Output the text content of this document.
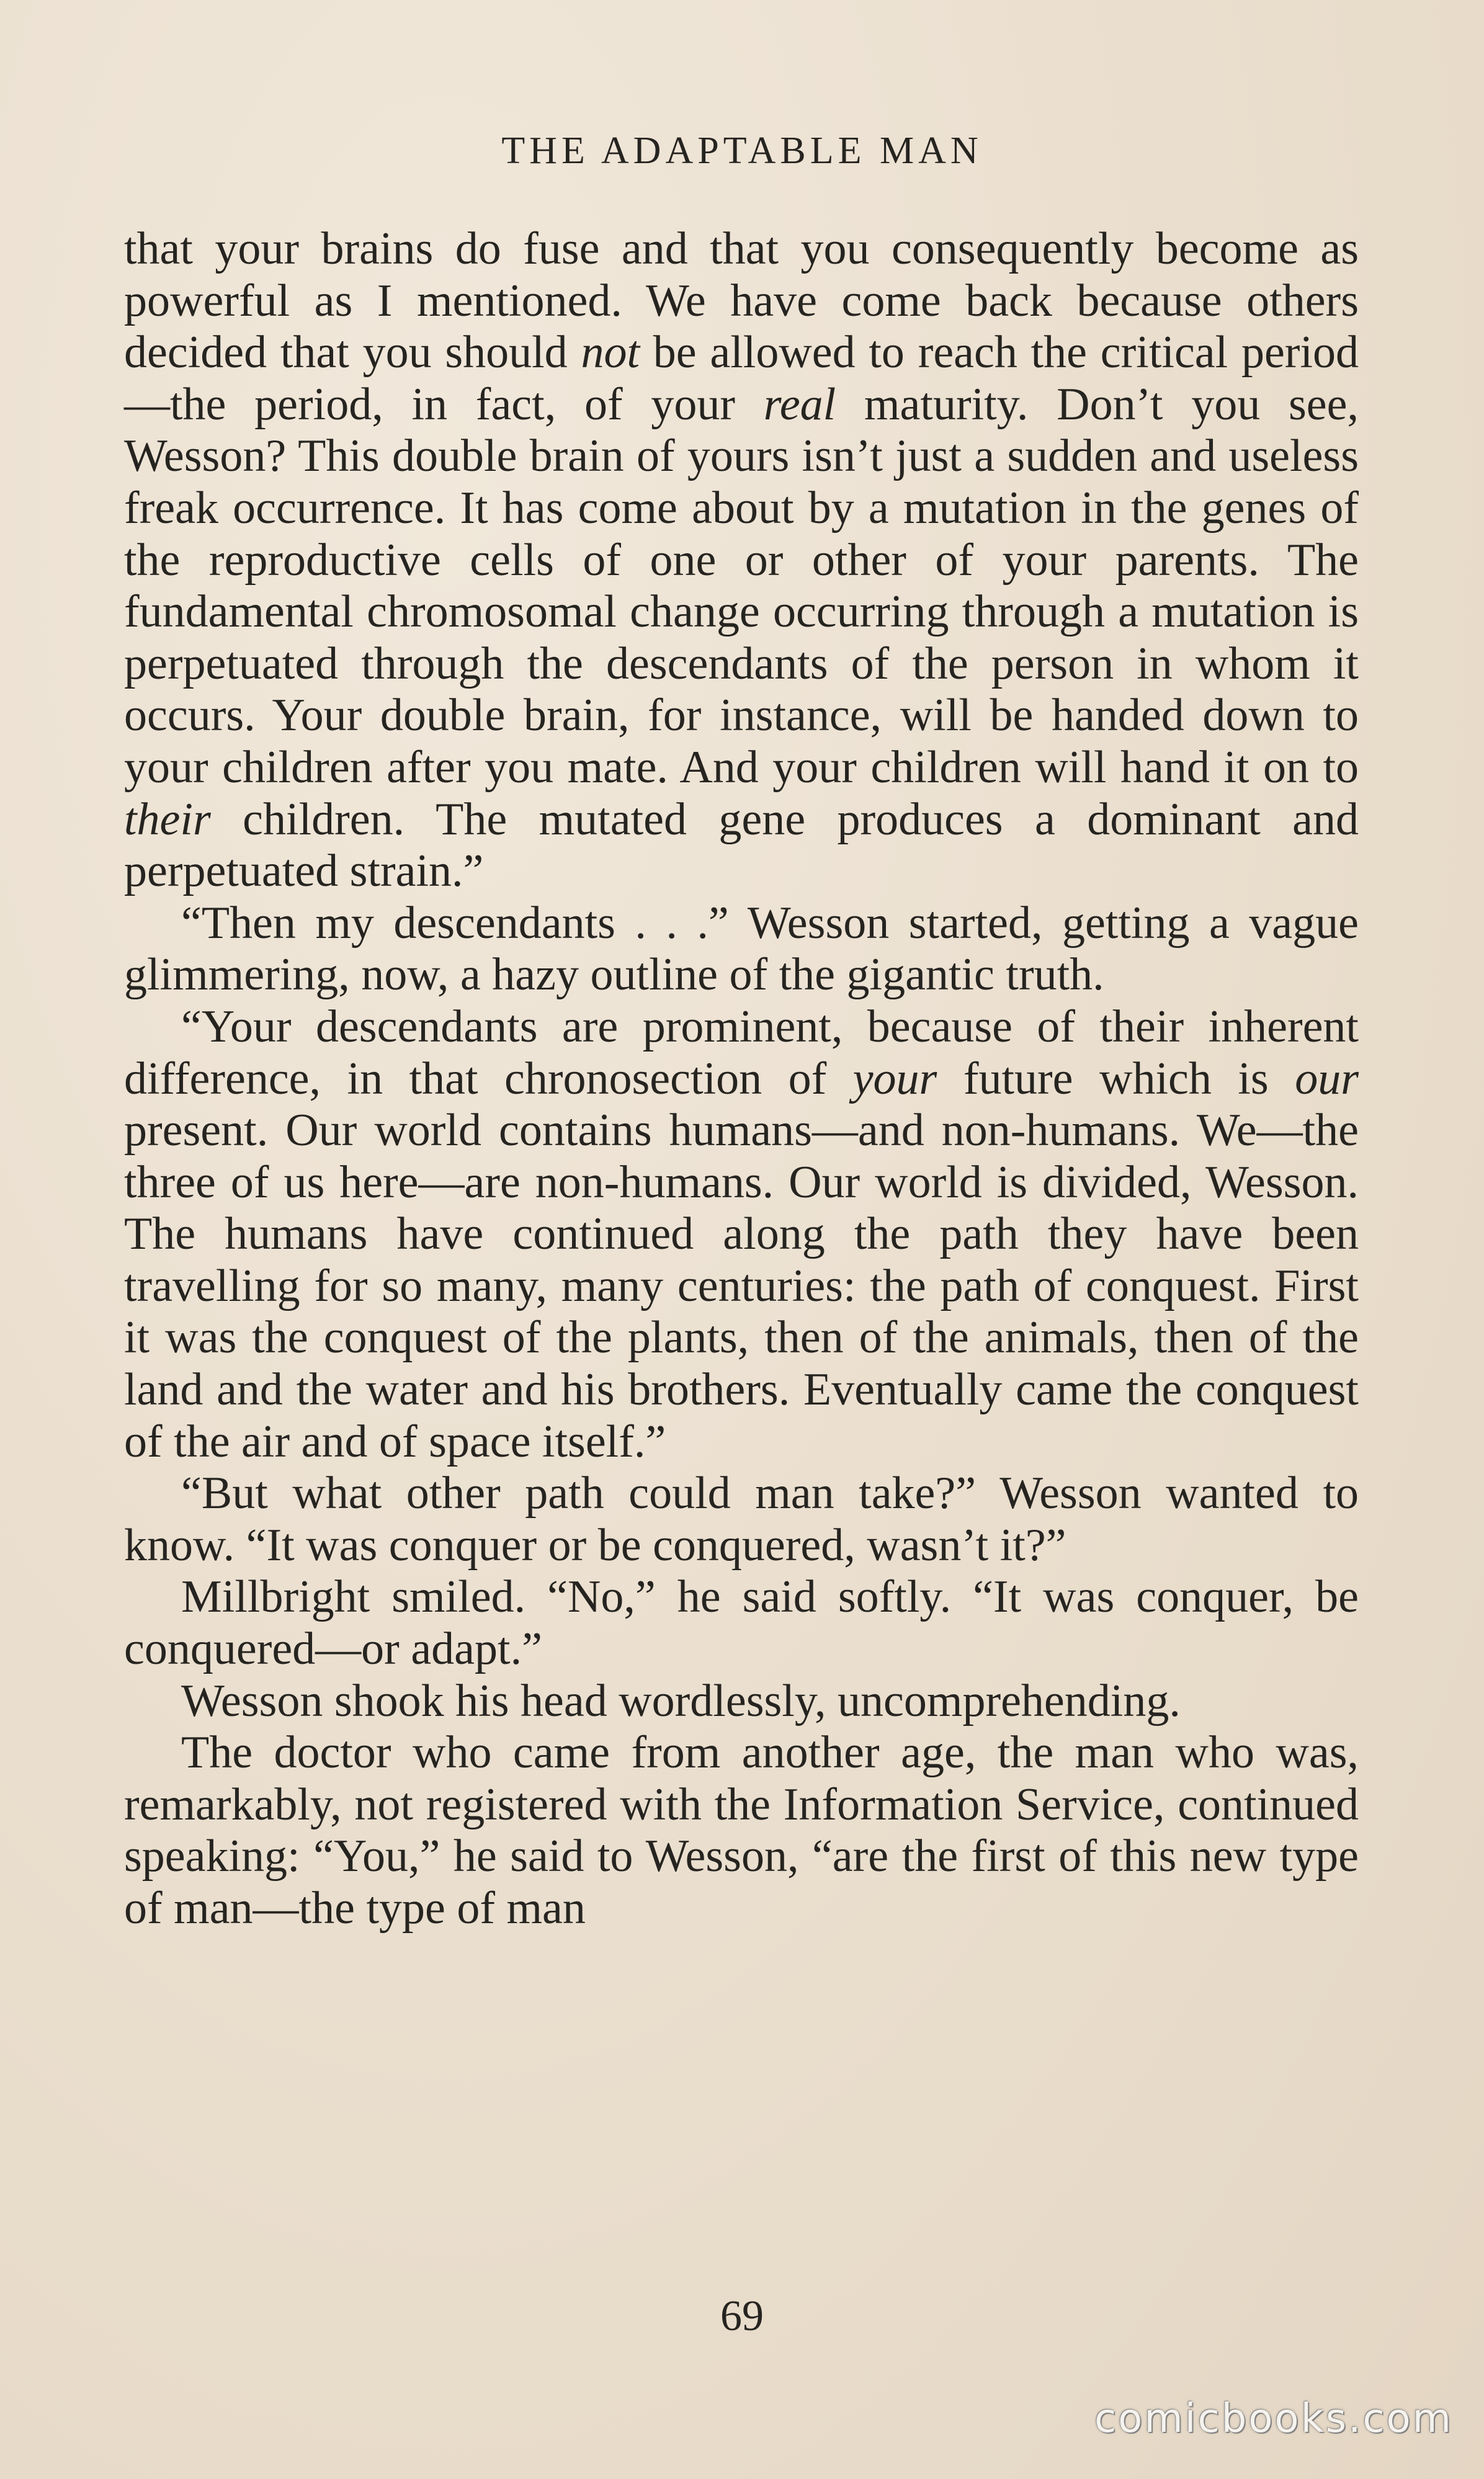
THE ADAPTABLE MAN

that your brains do fuse and that you consequently become as powerful as I mentioned. We have come back because others decided that you should not be allowed to reach the critical period—the period, in fact, of your real maturity. Don’t you see, Wesson? This double brain of yours isn’t just a sudden and useless freak occurrence. It has come about by a mutation in the genes of the reproductive cells of one or other of your parents. The fundamental chromosomal change occurring through a mutation is perpetuated through the descendants of the person in whom it occurs. Your double brain, for instance, will be handed down to your children after you mate. And your children will hand it on to their children. The mutated gene produces a dominant and perpetuated strain.”

“Then my descendants . . .” Wesson started, getting a vague glimmering, now, a hazy outline of the gigantic truth.

“Your descendants are prominent, because of their inherent difference, in that chronosection of your future which is our present. Our world contains humans—and non-humans. We—the three of us here—are non-humans. Our world is divided, Wesson. The humans have continued along the path they have been travelling for so many, many centuries: the path of conquest. First it was the conquest of the plants, then of the animals, then of the land and the water and his brothers. Eventually came the conquest of the air and of space itself.”

“But what other path could man take?” Wesson wanted to know. “It was conquer or be conquered, wasn’t it?”

Millbright smiled. “No,” he said softly. “It was conquer, be conquered—or adapt.”

Wesson shook his head wordlessly, uncomprehending.

The doctor who came from another age, the man who was, remarkably, not registered with the Information Service, continued speaking: “You,” he said to Wesson, “are the first of this new type of man—the type of man

69
comicbooks.com
